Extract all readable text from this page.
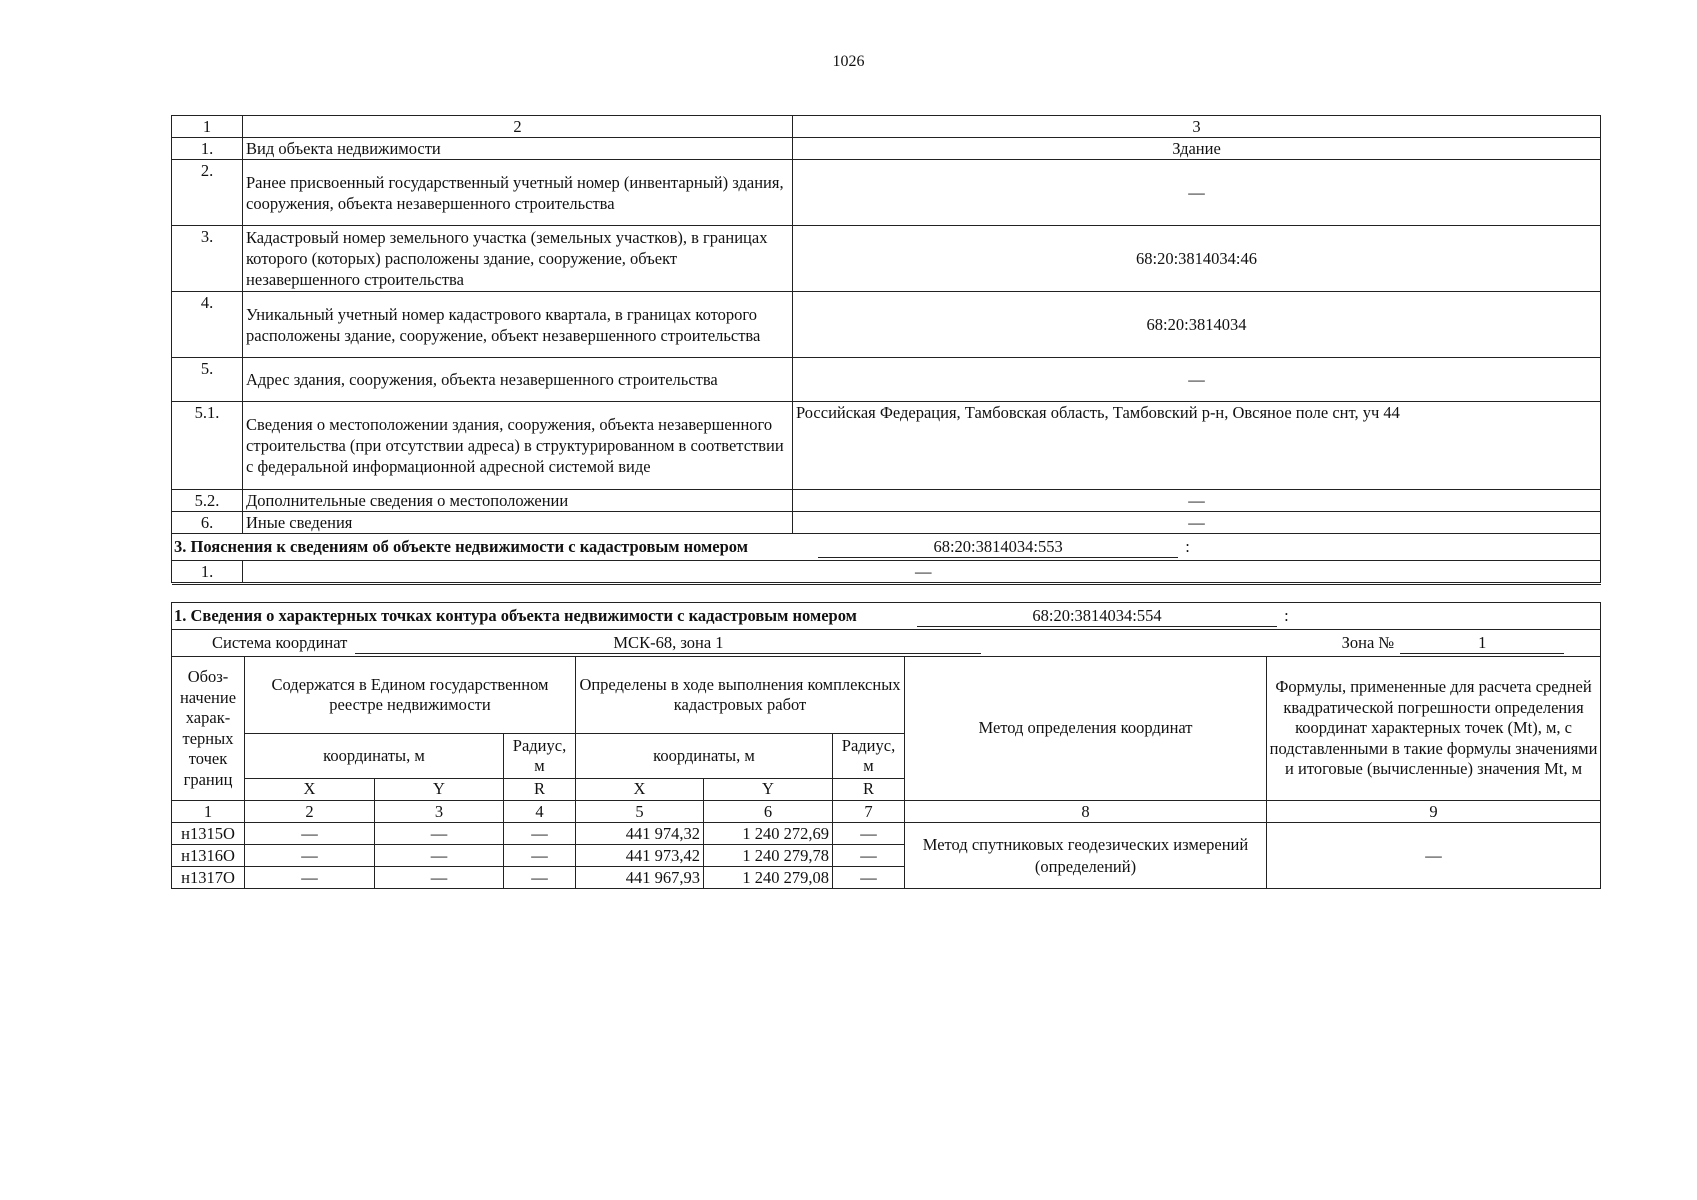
1026
1	2	3
1.	Вид объекта недвижимости	Здание
2.	Ранее присвоенный государственный учетный номер (инвентарный) здания, сооружения, объекта незавершенного строительства	—
3.	Кадастровый номер земельного участка (земельных участков), в границах которого (которых) расположены здание, сооружение, объект незавершенного строительства	68:20:3814034:46
4.	Уникальный учетный номер кадастрового квартала, в границах которого расположены здание, сооружение, объект незавершенного строительства	68:20:3814034
5.	Адрес здания, сооружения, объекта незавершенного строительства	—
5.1.	Сведения о местоположении здания, сооружения, объекта незавершенного строительства (при отсутствии адреса) в структурированном в соответствии с федеральной информационной адресной системой виде	Российская Федерация, Тамбовская область, Тамбовский р-н, Овсяное поле снт, уч 44
5.2.	Дополнительные сведения о местоположении	—
6.	Иные сведения	—
3. Пояснения к сведениям об объекте недвижимости с кадастровым номером 68:20:3814034:553 :		
1.	—	

1. Сведения о характерных точках контура объекта недвижимости с кадастровым номером 68:20:3814034:554 :								
Система координат МСК-68, зона 1 Зона № 1								
Обоз-начение харак-терных точек границ	Содержатся в Едином государственном реестре недвижимости			Определены в ходе выполнения комплексных кадастровых работ			Метод определения координат	Формулы, примененные для расчета средней квадратической погрешности определения координат характерных точек (Mt), м, с подставленными в такие формулы значениями и итоговые (вычисленные) значения Mt, м
	координаты, м		Радиус, м	координаты, м		Радиус, м		
	X	Y	R	X	Y	R		
1	2	3	4	5	6	7	8	9
н1315О	—	—	—	441 974,32	1 240 272,69	—	Метод спутниковых геодезических измерений (определений)	—
н1316О	—	—	—	441 973,42	1 240 279,78	—		
н1317О	—	—	—	441 967,93	1 240 279,08	—		
